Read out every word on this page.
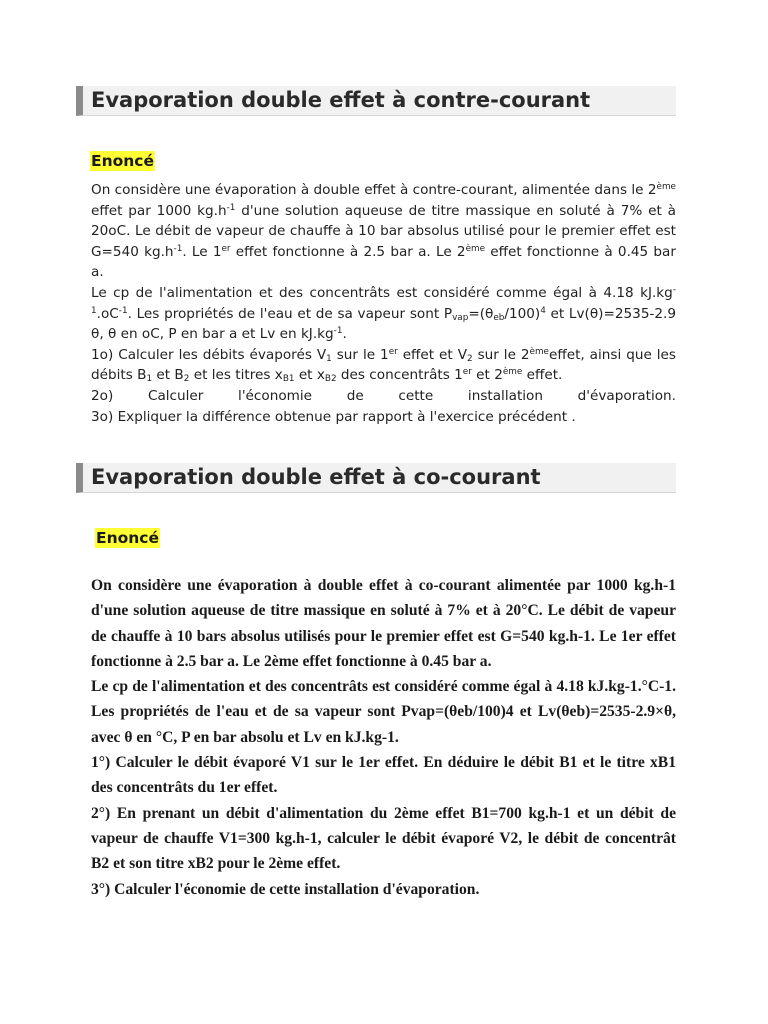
Evaporation double effet à contre-courant
Enoncé

On considère une évaporation à double effet à contre-courant, alimentée dans le 2ème effet par 1000 $kg.h^{-1}$ d'une solution aqueuse de titre massique en soluté à 7% et à 20oC. Le débit de vapeur de chauffe à 10 bar absolus utilisé pour le premier effet est G=540 $kg.h^{-1}$. Le 1er effet fonctionne à 2.5 bar a. Le 2ème effet fonctionne à 0.45 bar a.

Le cp de l'alimentation et des concentrâts est considéré comme égal à 4.18 $kJ.kg^{-1}.oC^{-1}$. Les propriétés de l'eau et de sa vapeur sont $P_{vap}=(\theta_{eb}/100)^4$ et Lv(θ)=2535-2.9 θ, θ en oC, P en bar a et Lv en $kJ.kg^{-1}$.

1o) Calculer les débits évaporés $V_1$ sur le 1er effet et $V_2$ sur le 2èmeeffet, ainsi que les débits $B_1$ et $B_2$ et les titres $x_{B1}$ et $x_{B2}$ des concentrâts 1er et 2ème effet.

2o) Calculer l'économie de cette installation d'évaporation.

3o) Expliquer la différence obtenue par rapport à l'exercice précédent .

Evaporation double effet à co-courant
Enoncé

On considère une évaporation à double effet à co-courant alimentée par 1000 kg.h-1 d'une solution aqueuse de titre massique en soluté à 7% et à 20°C. Le débit de vapeur de chauffe à 10 bars absolus utilisés pour le premier effet est G=540 kg.h-1. Le 1er effet fonctionne à 2.5 bar a. Le 2ème effet fonctionne à 0.45 bar a.

Le cp de l'alimentation et des concentrâts est considéré comme égal à 4.18 kJ.kg-1.°C-1. Les propriétés de l'eau et de sa vapeur sont Pvap=(θeb/100)4 et Lv(θeb)=2535-2.9×θ, avec θ en °C, P en bar absolu et Lv en kJ.kg-1.

1°) Calculer le débit évaporé V1 sur le 1er effet. En déduire le débit B1 et le titre xB1 des concentrâts du 1er effet.

2°) En prenant un débit d'alimentation du 2ème effet B1=700 kg.h-1 et un débit de vapeur de chauffe V1=300 kg.h-1, calculer le débit évaporé V2, le débit de concentrât B2 et son titre xB2 pour le 2ème effet.

3°) Calculer l'économie de cette installation d'évaporation.
